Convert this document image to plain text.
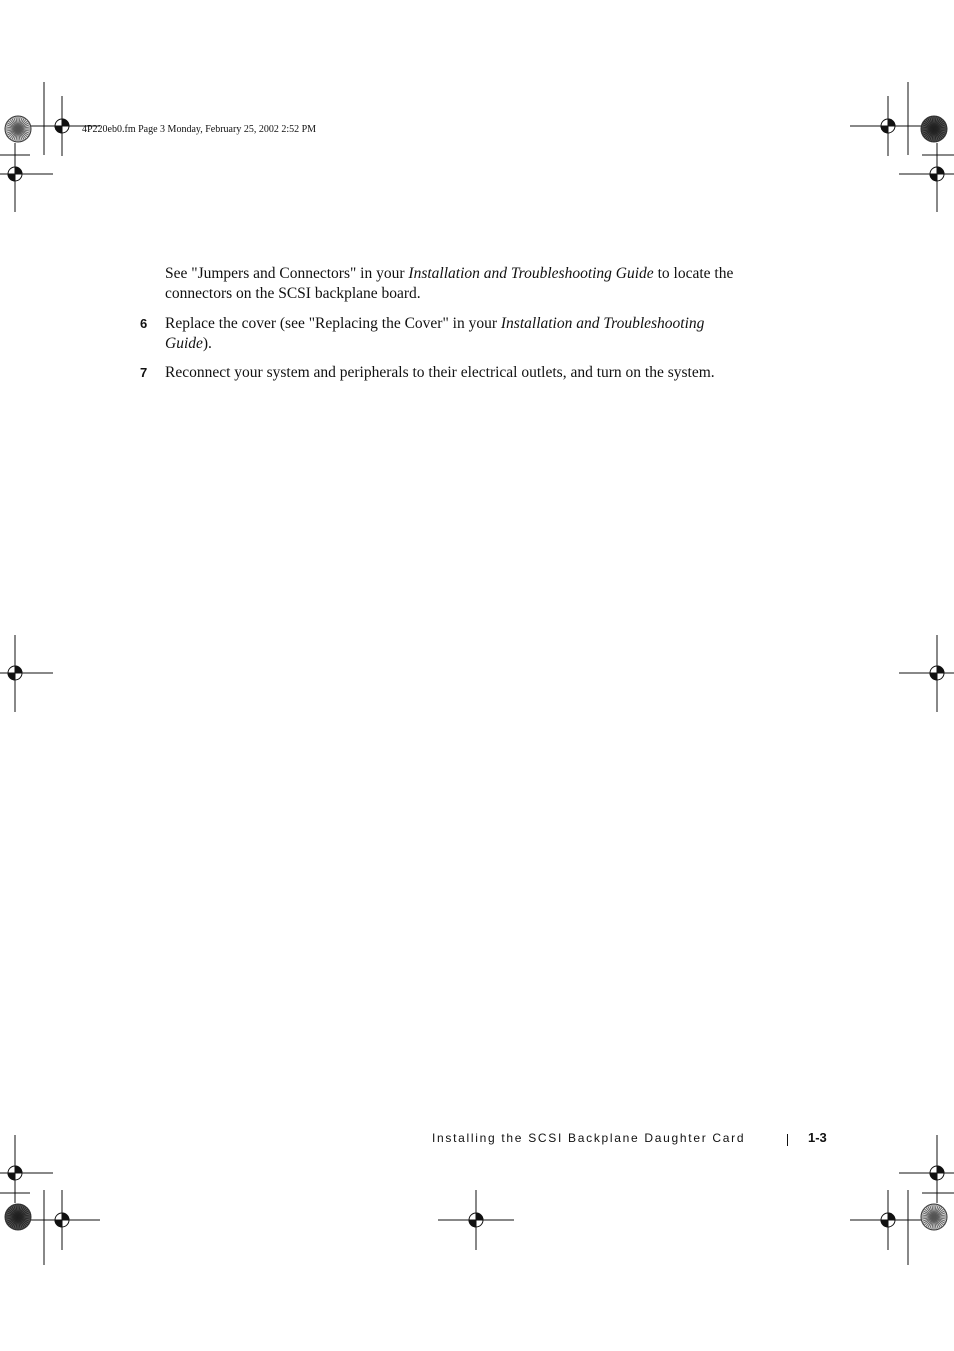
4P220eb0.fm Page 3 Monday, February 25, 2002 2:52 PM

See "Jumpers and Connectors" in your Installation and Troubleshooting Guide to locate the connectors on the SCSI backplane board.

6 Replace the cover (see "Replacing the Cover" in your Installation and Troubleshooting Guide).
7 Reconnect your system and peripherals to their electrical outlets, and turn on the system.
Installing the SCSI Backplane Daughter Card	1-3
